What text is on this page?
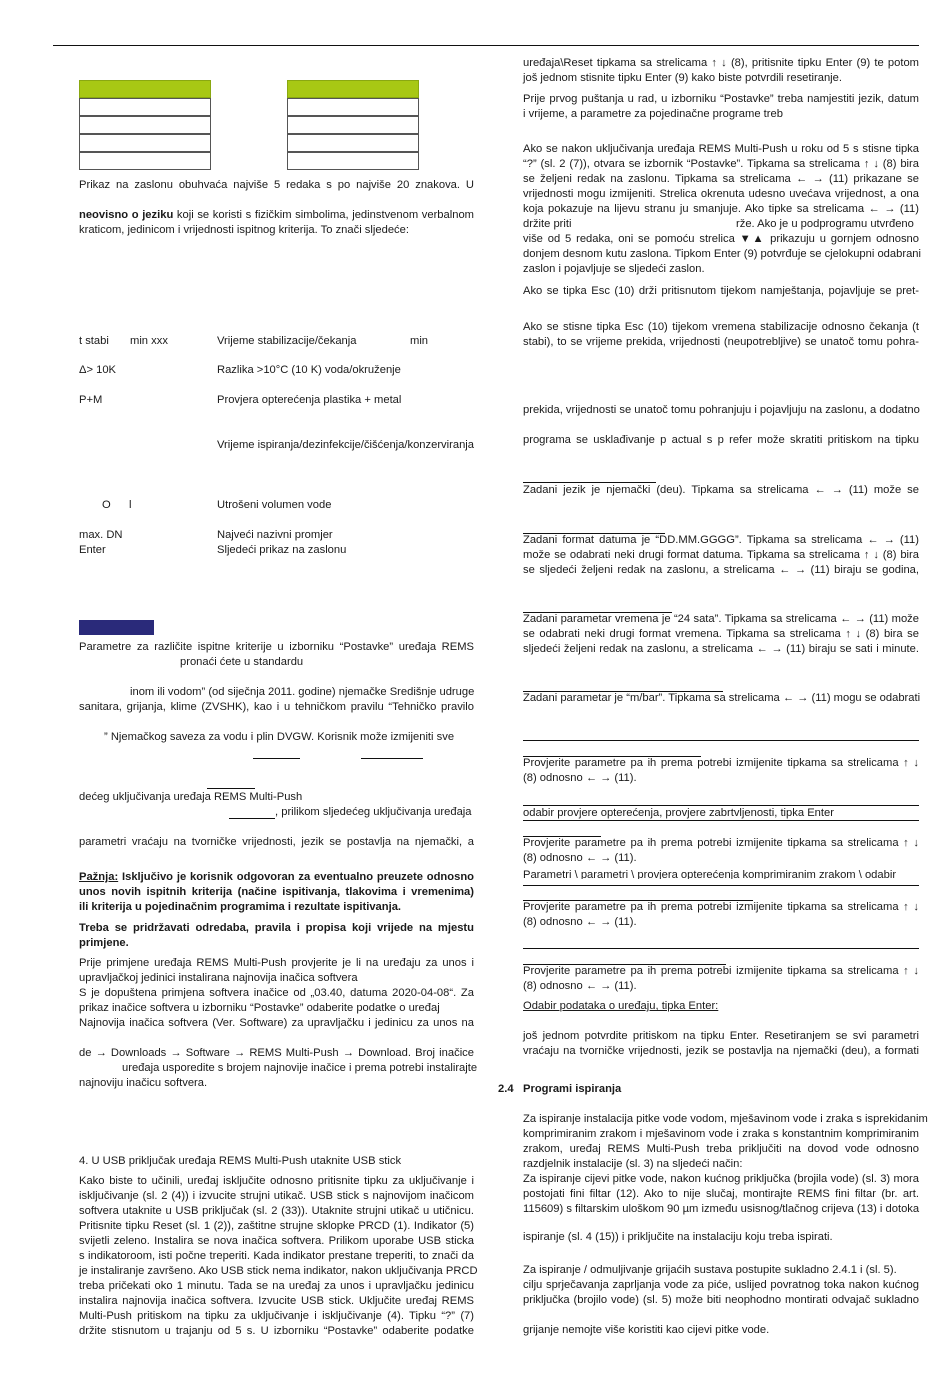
Prikaz na zaslonu obuhvaća najviše 5 redaka s po najviše 20 znakova. U
neovisno o jeziku koji se koristi s fizičkim simbolima, jedinstvenom verbalnom
kraticom, jedinicom i vrijednosti ispitnog kriterija. To znači sljedeće:
t stabi min xxx	Vrijeme stabilizacije/čekanja	min
Δ> 10K	Razlika >10°C (10 K) voda/okruženje
P+M	Provjera opterećenja plastika + metal
Vrijeme ispiranja/dezinfekcije/čišćenja/konzerviranja
O l	Utrošeni volumen vode
max. DN	Najveći nazivni promjer
Enter	Sljedeći prikaz na zaslonu
Parametre za različite ispitne kriterije u izborniku “Postavke” uređaja REMS
pronaći ćete u standardu
inom ili vodom” (od siječnja 2011. godine) njemačke Središnje udruge
sanitara, grijanja, klime (ZVSHK), kao i u tehničkom pravilu “Tehničko pravilo
” Njemačkog saveza za vodu i plin DVGW. Korisnik može izmijeniti sve
dećeg uključivanja uređaja REMS Multi-Push
, prilikom sljedećeg uključivanja uređaja
parametri vraćaju na tvorničke vrijednosti, jezik se postavlja na njemački, a
Pažnja: Isključivo je korisnik odgovoran za eventualno preuzete odnosno
unos novih ispitnih kriterija (načine ispitivanja, tlakovima i vremenima)
ili kriterija u pojedinačnim programima i rezultate ispitivanja.
Treba se pridržavati odredaba, pravila i propisa koji vrijede na mjestu
primjene.
Prije primjene uređaja REMS Multi-Push provjerite je li na uređaju za unos i
upravljačkoj jedinici instalirana najnovija inačica softvera
S je dopuštena primjena softvera inačice od „03.40, datuma 2020-04-08“. Za
prikaz inačice softvera u izborniku “Postavke” odaberite podatke o uređaj
Najnovija inačica softvera (Ver. Software) za upravljačku i jedinicu za unos na
de → Downloads → Software → REMS Multi-Push → Download. Broj inačice
uređaja usporedite s brojem najnovije inačice i prema potrebi instalirajte
najnoviju inačicu softvera.
4. U USB priključak uređaja REMS Multi-Push utaknite USB stick
Kako biste to učinili, uređaj isključite odnosno pritisnite tipku za uključivanje i
isključivanje (sl. 2 (4)) i izvucite strujni utikač. USB stick s najnovijom inačicom
softvera utaknite u USB priključak (sl. 2 (33)). Utaknite strujni utikač u utičnicu.
Pritisnite tipku Reset (sl. 1 (2)), zaštitne strujne sklopke PRCD (1). Indikator (5)
svijetli zeleno. Instalira se nova inačica softvera. Prilikom uporabe USB sticka
s indikatoroom, isti počne treperiti. Kada indikator prestane treperiti, to znači da
je instaliranje završeno. Ako USB stick nema indikator, nakon uključivanja PRCD
treba pričekati oko 1 minutu. Tada se na uređaj za unos i upravljačku jedinicu
instalira najnovija inačica softvera. Izvucite USB stick. Uključite uređaj REMS
Multi-Push pritiskom na tipku za uključivanje i isključivanje (4). Tipku “?” (7)
držite stisnutom u trajanju od 5 s. U izborniku “Postavke” odaberite podatke
uređaja\Reset tipkama sa strelicama ↑ ↓ (8), pritisnite tipku Enter (9) te potom
još jednom stisnite tipku Enter (9) kako biste potvrdili resetiranje.
Prije prvog puštanja u rad, u izborniku “Postavke” treba namjestiti jezik, datum
i vrijeme, a parametre za pojedinačne programe treb
Ako se nakon uključivanja uređaja REMS Multi-Push u roku od 5 s stisne tipka
“?” (sl. 2 (7)), otvara se izbornik “Postavke”. Tipkama sa strelicama ↑ ↓ (8) bira
se željeni redak na zaslonu. Tipkama sa strelicama ← → (11) prikazane se
vrijednosti mogu izmijeniti. Strelica okrenuta udesno uvećava vrijednost, a ona
koja pokazuje na lijevu stranu ju smanjuje. Ako tipke sa strelicama ← → (11)
držite priti	rže. Ako je u podprogramu utvrđeno
više od 5 redaka, oni se pomoću strelica ▼▲ prikazuju u gornjem odnosno
donjem desnom kutu zaslona. Tipkom Enter (9) potvrđuje se cjelokupni odabrani
zaslon i pojavljuje se sljedeći zaslon.
Ako se tipka Esc (10) drži pritisnutom tijekom namještanja, pojavljuje se pret-
Ako se stisne tipka Esc (10) tijekom vremena stabilizacije odnosno čekanja (t
stabi), to se vrijeme prekida, vrijednosti (neupotrebljive) se unatoč tomu pohra-
prekida, vrijednosti se unatoč tomu pohranjuju i pojavljuju na zaslonu, a dodatno
programa se usklađivanje p actual s p refer može skratiti pritiskom na tipku
Zadani jezik je njemački (deu). Tipkama sa strelicama ← → (11) može se
Zadani format datuma je “DD.MM.GGGG”. Tipkama sa strelicama ← → (11)
može se odabrati neki drugi format datuma. Tipkama sa strelicama ↑ ↓ (8) bira
se sljedeći željeni redak na zaslonu, a strelicama ← → (11) biraju se godina,
Zadani parametar vremena je “24 sata”. Tipkama sa strelicama ← → (11) može
se odabrati neki drugi format vremena. Tipkama sa strelicama ↑ ↓ (8) bira se
sljedeći željeni redak na zaslonu, a strelicama ← → (11) biraju se sati i minute.
Zadani parametar je “m/bar”. Tipkama sa strelicama ← → (11) mogu se odabrati
Provjerite parametre pa ih prema potrebi izmijenite tipkama sa strelicama ↑ ↓
(8) odnosno ← → (11).
odabir provjere opterećenja, provjere zabrtvljenosti, tipka Enter
Provjerite parametre pa ih prema potrebi izmijenite tipkama sa strelicama ↑ ↓
(8) odnosno ← → (11).
Parametri \ parametri \ provjera opterećenja komprimiranim zrakom \ odabir
Provjerite parametre pa ih prema potrebi izmijenite tipkama sa strelicama ↑ ↓
(8) odnosno ← → (11).
Provjerite parametre pa ih prema potrebi izmijenite tipkama sa strelicama ↑ ↓
(8) odnosno ← → (11).
Odabir podataka o uređaju, tipka Enter:
još jednom potvrdite pritiskom na tipku Enter. Resetiranjem se svi parametri
vraćaju na tvorničke vrijednosti, jezik se postavlja na njemački (deu), a formati
2.4 Programi ispiranja
Za ispiranje instalacija pitke vode vodom, mješavinom vode i zraka s isprekidanim
komprimiranim zrakom i mješavinom vode i zraka s konstantnim komprimiranim
zrakom, uređaj REMS Multi-Push treba priključiti na dovod vode odnosno
razdjelnik instalacije (sl. 3) na sljedeći način:
Za ispiranje cijevi pitke vode, nakon kućnog priključka (brojila vode) (sl. 3) mora
postojati fini filtar (12). Ako to nije slučaj, montirajte REMS fini filtar (br. art.
115609) s filtarskim uloškom 90 µm između usisnog/tlačnog crijeva (13) i dotoka
ispiranje (sl. 4 (15)) i priključite na instalaciju koju treba ispirati.
Za ispiranje / odmuljivanje grijaćih sustava postupite sukladno 2.4.1 i (sl. 5).
cilju sprječavanja zaprljanja vode za piće, uslijed povratnog toka nakon kućnog
priključka (brojilo vode) (sl. 5) može biti neophodno montirati odvajač sukladno
grijanje nemojte više koristiti kao cijevi pitke vode.
